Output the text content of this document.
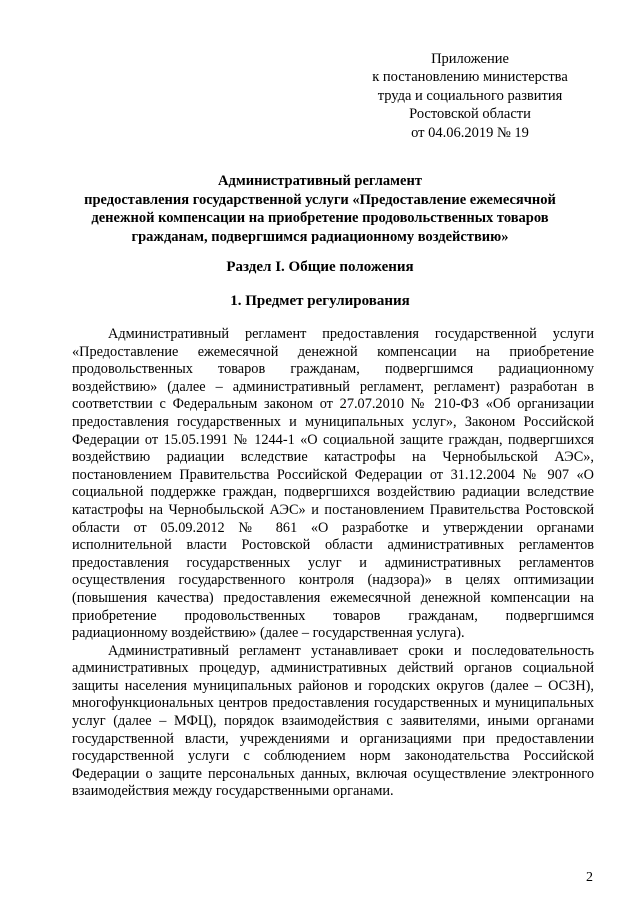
Приложение
к постановлению министерства
труда и социального развития
Ростовской области
от 04.06.2019 № 19
Административный регламент
предоставления государственной услуги «Предоставление ежемесячной
денежной компенсации на приобретение продовольственных товаров
гражданам, подвергшимся радиационному воздействию»
Раздел I. Общие положения
1. Предмет регулирования

Административный регламент предоставления государственной услуги «Предоставление ежемесячной денежной компенсации на приобретение продовольственных товаров гражданам, подвергшимся радиационному воздействию» (далее – административный регламент, регламент) разработан в соответствии с Федеральным законом от 27.07.2010 № 210-ФЗ «Об организации предоставления государственных и муниципальных услуг», Законом Российской Федерации от 15.05.1991 № 1244-1 «О социальной защите граждан, подвергшихся воздействию радиации вследствие катастрофы на Чернобыльской АЭС», постановлением Правительства Российской Федерации от 31.12.2004 № 907 «О социальной поддержке граждан, подвергшихся воздействию радиации вследствие катастрофы на Чернобыльской АЭС» и постановлением Правительства Ростовской области от 05.09.2012 № 861 «О разработке и утверждении органами исполнительной власти Ростовской области административных регламентов предоставления государственных услуг и административных регламентов осуществления государственного контроля (надзора)» в целях оптимизации (повышения качества) предоставления ежемесячной денежной компенсации на приобретение продовольственных товаров гражданам, подвергшимся радиационному воздействию» (далее – государственная услуга).

Административный регламент устанавливает сроки и последовательность административных процедур, административных действий органов социальной защиты населения муниципальных районов и городских округов (далее – ОСЗН), многофункциональных центров предоставления государственных и муниципальных услуг (далее – МФЦ), порядок взаимодействия с заявителями, иными органами государственной власти, учреждениями и организациями при предоставлении государственной услуги с соблюдением норм законодательства Российской Федерации о защите персональных данных, включая осуществление электронного взаимодействия между государственными органами.

2
